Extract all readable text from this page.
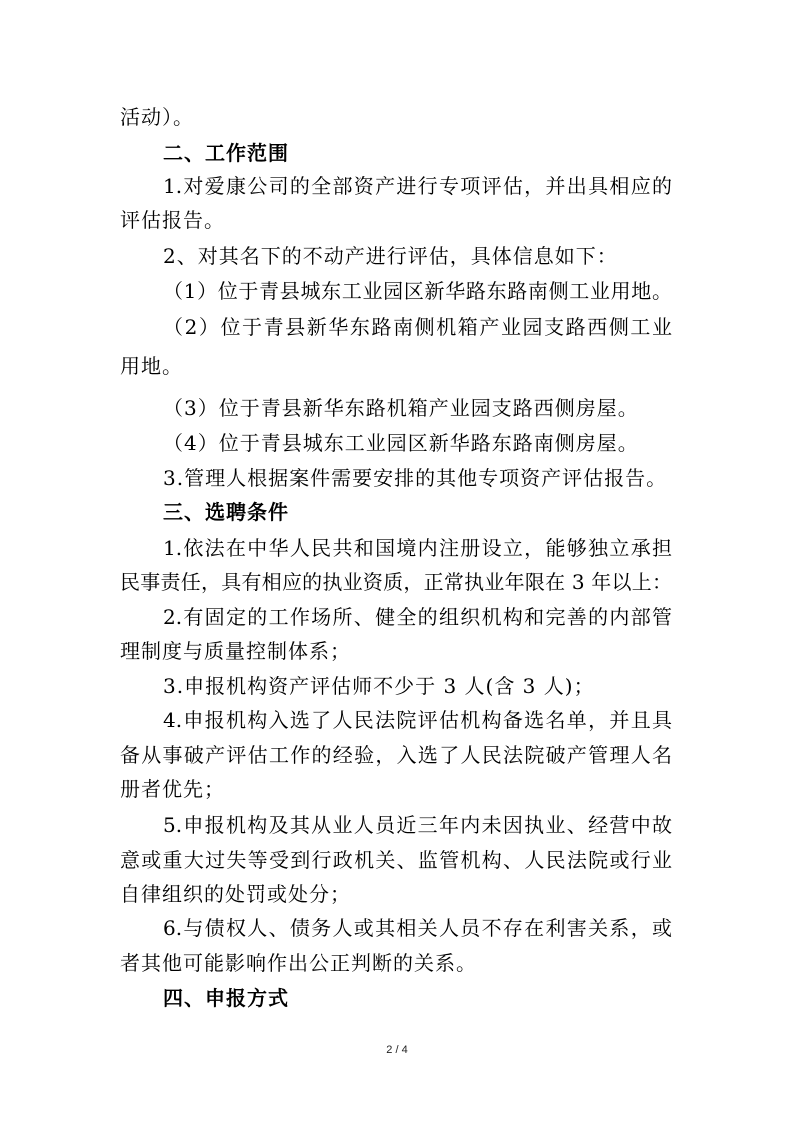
活动）。
二、工作范围
1.对爱康公司的全部资产进行专项评估，并出具相应的
评估报告。
2、对其名下的不动产进行评估，具体信息如下：
（1）位于青县城东工业园区新华路东路南侧工业用地。
（2）位于青县新华东路南侧机箱产业园支路西侧工业
用地。
（3）位于青县新华东路机箱产业园支路西侧房屋。
（4）位于青县城东工业园区新华路东路南侧房屋。
3.管理人根据案件需要安排的其他专项资产评估报告。
三、选聘条件
1.依法在中华人民共和国境内注册设立，能够独立承担
民事责任，具有相应的执业资质，正常执业年限在 3 年以上：
2.有固定的工作场所、健全的组织机构和完善的内部管
理制度与质量控制体系；
3.申报机构资产评估师不少于 3 人(含 3 人)；
4.申报机构入选了人民法院评估机构备选名单，并且具
备从事破产评估工作的经验，入选了人民法院破产管理人名
册者优先；
5.申报机构及其从业人员近三年内未因执业、经营中故
意或重大过失等受到行政机关、监管机构、人民法院或行业
自律组织的处罚或处分；
6.与债权人、债务人或其相关人员不存在利害关系，或
者其他可能影响作出公正判断的关系。
四、申报方式
2 / 4
